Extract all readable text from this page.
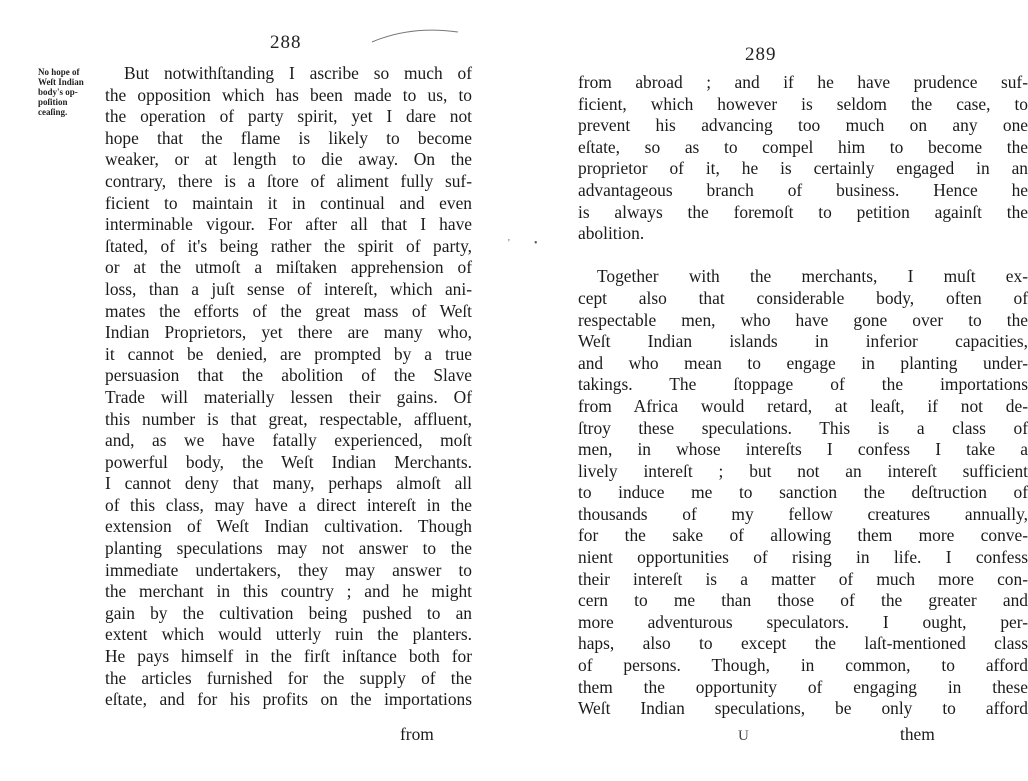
288
No hope of
Weſt Indian
body's op-
poſition
ceaſing.
But notwithſtanding I ascribe so much of
the opposition which has been made to us, to
the operation of party spirit, yet I dare not
hope that the flame is likely to become
weaker, or at length to die away. On the
contrary, there is a ſtore of aliment fully suf-
ficient to maintain it in continual and even
interminable vigour. For after all that I have
ſtated, of it's being rather the spirit of party,
or at the utmoſt a miſtaken apprehension of
loss, than a juſt sense of intereſt, which ani-
mates the efforts of the great mass of Weſt
Indian Proprietors, yet there are many who,
it cannot be denied, are prompted by a true
persuasion that the abolition of the Slave
Trade will materially lessen their gains. Of
this number is that great, respectable, affluent,
and, as we have fatally experienced, moſt
powerful body, the Weſt Indian Merchants.
I cannot deny that many, perhaps almoſt all
of this class, may have a direct intereſt in the
extension of Weſt Indian cultivation. Though
planting speculations may not answer to the
immediate undertakers, they may answer to
the merchant in this country ; and he might
gain by the cultivation being pushed to an
extent which would utterly ruin the planters.
He pays himself in the firſt inſtance both for
the articles furnished for the supply of the
eſtate, and for his profits on the importations
from
' •
289
from abroad ; and if he have prudence suf-
ficient, which however is seldom the case, to
prevent his advancing too much on any one
eſtate, so as to compel him to become the
proprietor of it, he is certainly engaged in an
advantageous branch of business. Hence he
is always the foremoſt to petition againſt the
abolition.
Together with the merchants, I muſt ex-
cept also that considerable body, often of
respectable men, who have gone over to the
Weſt Indian islands in inferior capacities,
and who mean to engage in planting under-
takings. The ſtoppage of the importations
from Africa would retard, at leaſt, if not de-
ſtroy these speculations. This is a class of
men, in whose intereſts I confess I take a
lively intereſt ; but not an intereſt sufficient
to induce me to sanction the deſtruction of
thousands of my fellow creatures annually,
for the sake of allowing them more conve-
nient opportunities of rising in life. I confess
their intereſt is a matter of much more con-
cern to me than those of the greater and
more adventurous speculators. I ought, per-
haps, also to except the laſt-mentioned class
of persons. Though, in common, to afford
them the opportunity of engaging in these
Weſt Indian speculations, be only to afford
U	them
